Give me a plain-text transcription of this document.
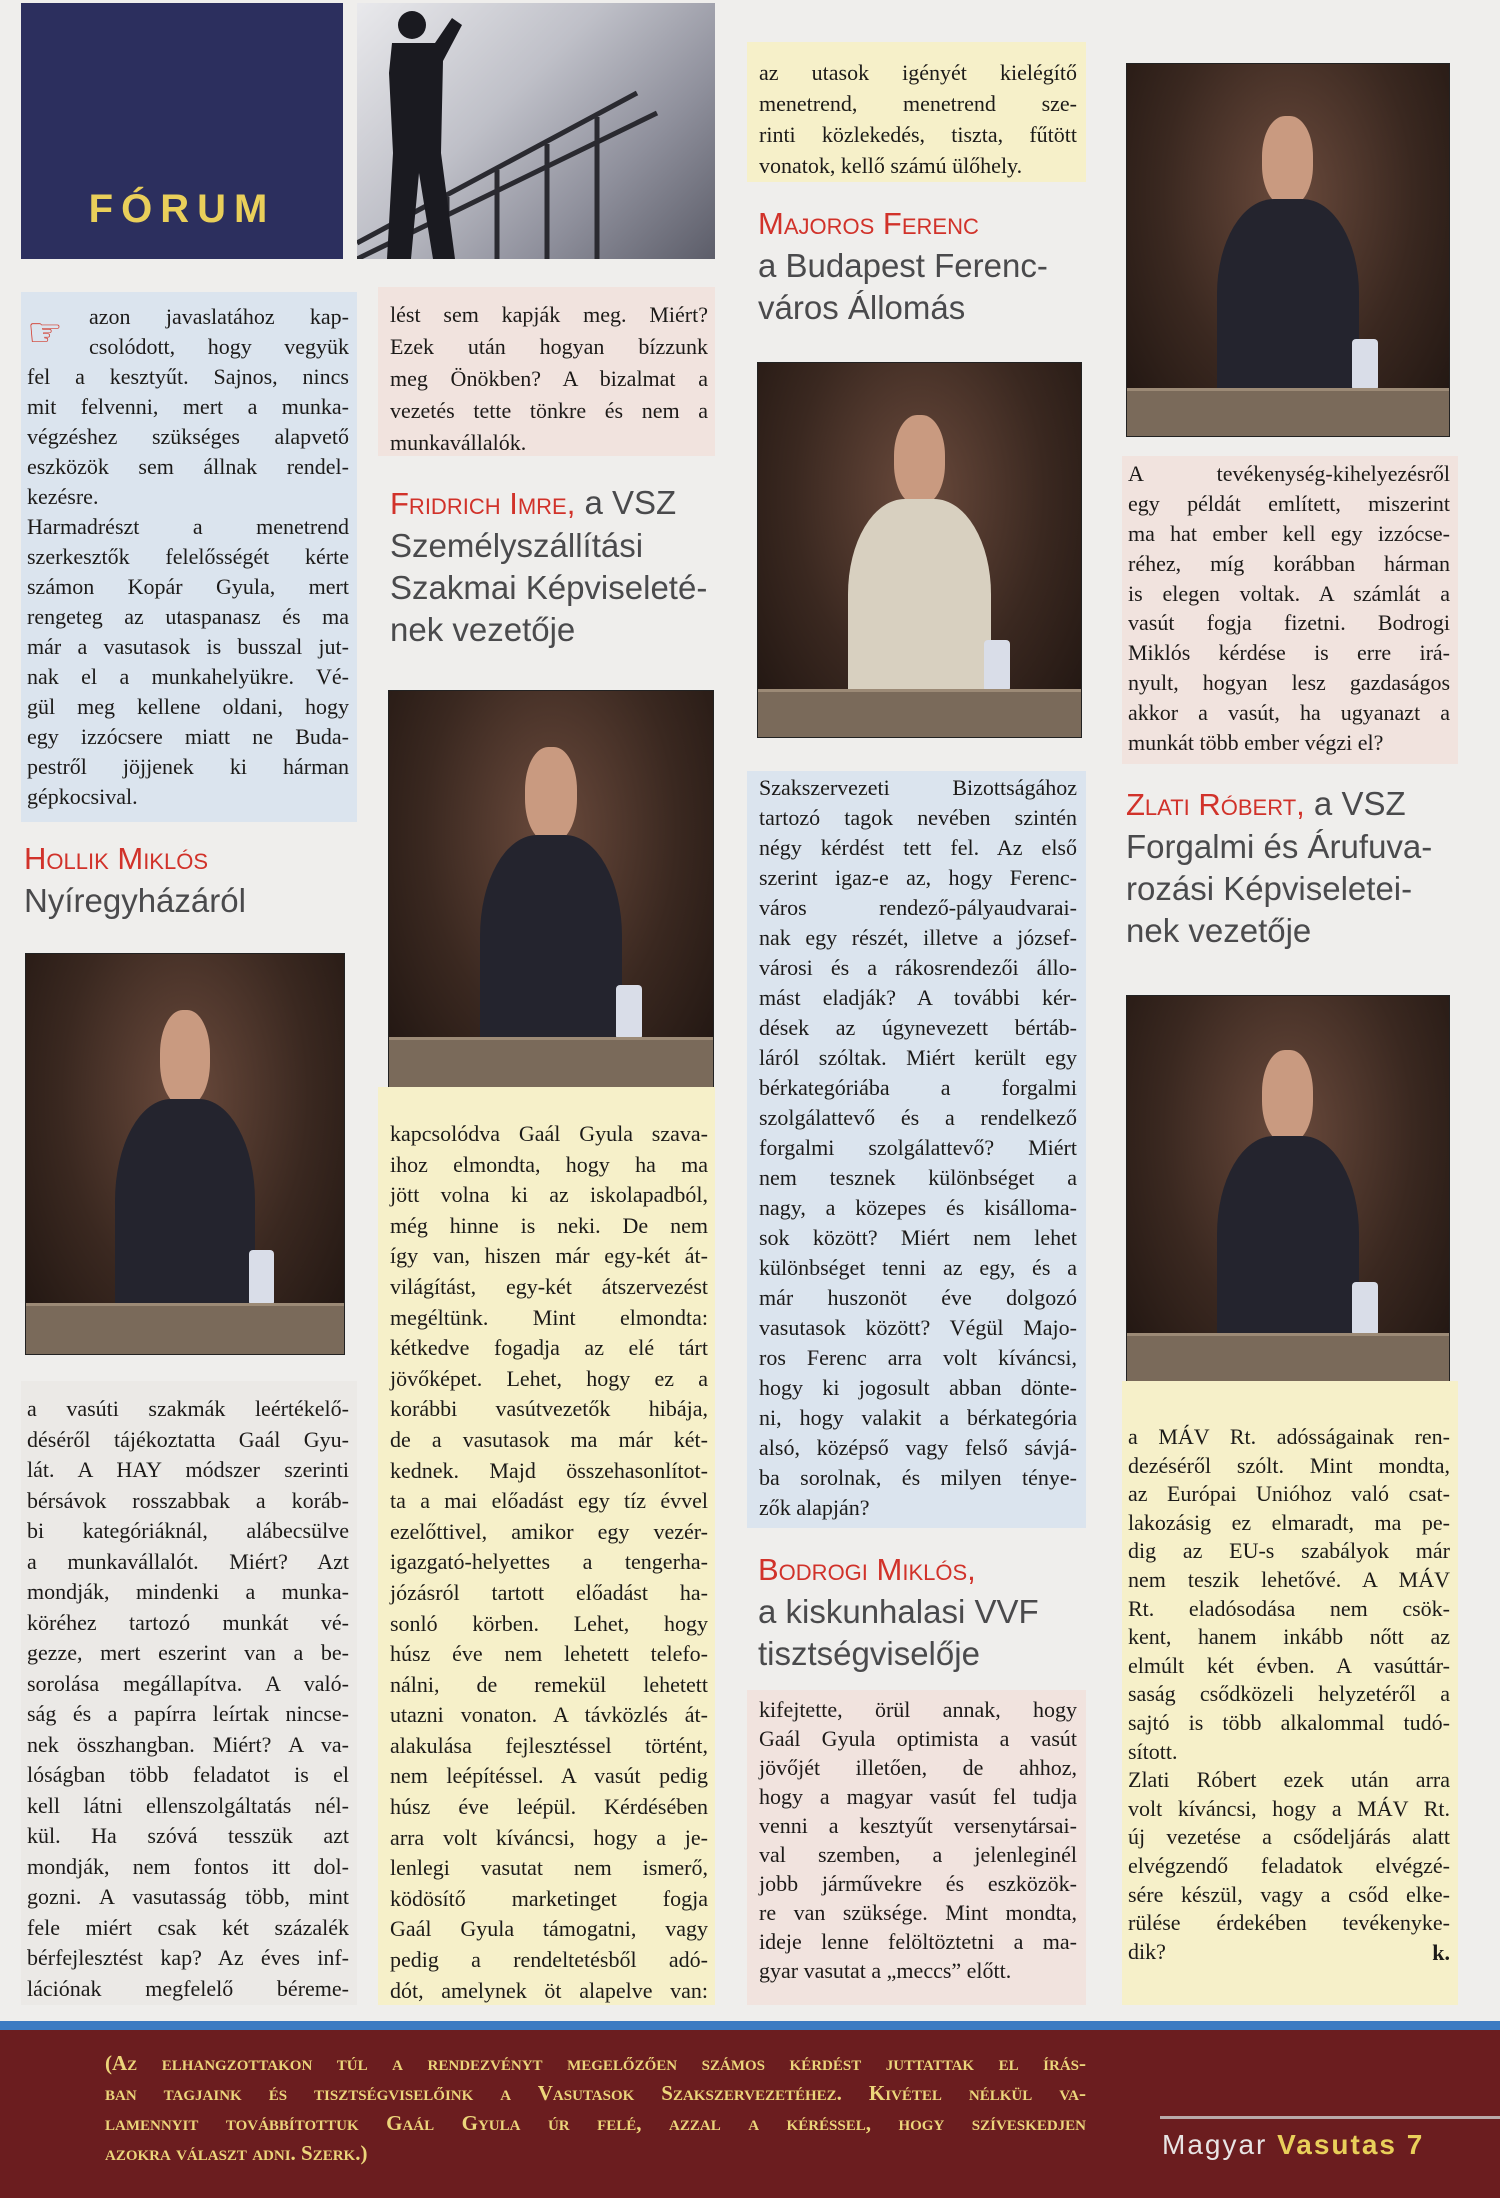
FÓRUM
☞	azon javaslatához kap-
csolódott, hogy vegyük
fel a kesztyűt. Sajnos, nincs
mit felvenni, mert a munka-
végzéshez szükséges alapvető
eszközök sem állnak rendel-
kezésre.
Harmadrészt a menetrend
szerkesztők felelősségét kérte
számon Kopár Gyula, mert
rengeteg az utaspanasz és ma
már a vasutasok is busszal jut-
nak el a munkahelyükre. Vé-
gül meg kellene oldani, hogy
egy izzócsere miatt ne Buda-
pestről jöjjenek ki hárman
gépkocsival.
Hollik Miklós
Nyíregyházáról
a vasúti szakmák leértékelő-
déséről tájékoztatta Gaál Gyu-
lát. A HAY módszer szerinti
bérsávok rosszabbak a koráb-
bi kategóriáknál, alábecsülve
a munkavállalót. Miért? Azt
mondják, mindenki a munka-
köréhez tartozó munkát vé-
gezze, mert eszerint van a be-
sorolása megállapítva. A való-
ság és a papírra leírtak nincse-
nek összhangban. Miért? A va-
lóságban több feladatot is el
kell látni ellenszolgáltatás nél-
kül. Ha szóvá tesszük azt
mondják, nem fontos itt dol-
gozni. A vasutasság több, mint
fele miért csak két százalék
bérfejlesztést kap? Az éves inf-
lációnak megfelelő béreme-
lést sem kapják meg. Miért?
Ezek után hogyan bízzunk
meg Önökben? A bizalmat a
vezetés tette tönkre és nem a
munkavállalók.
Fridrich Imre, a VSZ
Személyszállítási
Szakmai Képviseleté-
nek vezetője
kapcsolódva Gaál Gyula szava-
ihoz elmondta, hogy ha ma
jött volna ki az iskolapadból,
még hinne is neki. De nem
így van, hiszen már egy-két át-
világítást, egy-két átszervezést
megéltünk. Mint elmondta:
kétkedve fogadja az elé tárt
jövőképet. Lehet, hogy ez a
korábbi vasútvezetők hibája,
de a vasutasok ma már két-
kednek. Majd összehasonlítot-
ta a mai előadást egy tíz évvel
ezelőttivel, amikor egy vezér-
igazgató-helyettes a tengerha-
józásról tartott előadást ha-
sonló körben. Lehet, hogy
húsz éve nem lehetett telefo-
nálni, de remekül lehetett
utazni vonaton. A távközlés át-
alakulása fejlesztéssel történt,
nem leépítéssel. A vasút pedig
húsz éve leépül. Kérdésében
arra volt kíváncsi, hogy a je-
lenlegi vasutat nem ismerő,
ködösítő marketinget fogja
Gaál Gyula támogatni, vagy
pedig a rendeltetésből adó-
dót, amelynek öt alapelve van:
az utasok igényét kielégítő
menetrend, menetrend sze-
rinti közlekedés, tiszta, fűtött
vonatok, kellő számú ülőhely.
Majoros Ferenc
a Budapest Ferenc-
város Állomás
Szakszervezeti Bizottságához
tartozó tagok nevében szintén
négy kérdést tett fel. Az első
szerint igaz-e az, hogy Ferenc-
város rendező-pályaudvarai-
nak egy részét, illetve a józsef-
városi és a rákosrendezői állo-
mást eladják? A további kér-
dések az úgynevezett bértáb-
láról szóltak. Miért került egy
bérkategóriába a forgalmi
szolgálattevő és a rendelkező
forgalmi szolgálattevő? Miért
nem tesznek különbséget a
nagy, a közepes és kisálloma-
sok között? Miért nem lehet
különbséget tenni az egy, és a
már huszonöt éve dolgozó
vasutasok között? Végül Majo-
ros Ferenc arra volt kíváncsi,
hogy ki jogosult abban dönte-
ni, hogy valakit a bérkategória
alsó, középső vagy felső sávjá-
ba sorolnak, és milyen ténye-
zők alapján?
Bodrogi Miklós,
a kiskunhalasi VVF
tisztségviselője
kifejtette, örül annak, hogy
Gaál Gyula optimista a vasút
jövőjét illetően, de ahhoz,
hogy a magyar vasút fel tudja
venni a kesztyűt versenytársai-
val szemben, a jelenleginél
jobb járművekre és eszközök-
re van szüksége. Mint mondta,
ideje lenne felöltöztetni a ma-
gyar vasutat a „meccs” előtt.
A tevékenység-kihelyezésről
egy példát említett, miszerint
ma hat ember kell egy izzócse-
réhez, míg korábban hárman
is elegen voltak. A számlát a
vasút fogja fizetni. Bodrogi
Miklós kérdése is erre irá-
nyult, hogyan lesz gazdaságos
akkor a vasút, ha ugyanazt a
munkát több ember végzi el?
Zlati Róbert, a VSZ
Forgalmi és Árufuva-
rozási Képviseletei-
nek vezetője
a MÁV Rt. adósságainak ren-
dezéséről szólt. Mint mondta,
az Európai Unióhoz való csat-
lakozásig ez elmaradt, ma pe-
dig az EU-s szabályok már
nem teszik lehetővé. A MÁV
Rt. eladósodása nem csök-
kent, hanem inkább nőtt az
elmúlt két évben. A vasúttár-
saság csődközeli helyzetéről a
sajtó is több alkalommal tudó-
sított.
Zlati Róbert ezek után arra
volt kíváncsi, hogy a MÁV Rt.
új vezetése a csődeljárás alatt
elvégzendő feladatok elvégzé-
sére készül, vagy a csőd elke-
rülése érdekében tevékenyke-
dik?	k.
(Az elhangzottakon túl a rendezvényt megelőzően számos kérdést juttattak el írás-
ban tagjaink és tisztségviselőink a Vasutasok Szakszervezetéhez. Kivétel nélkül va-
lamennyit továbbítottuk Gaál Gyula úr felé, azzal a kéréssel, hogy szíveskedjen
azokra választ adni. Szerk.)	Magyar Vasutas 7
